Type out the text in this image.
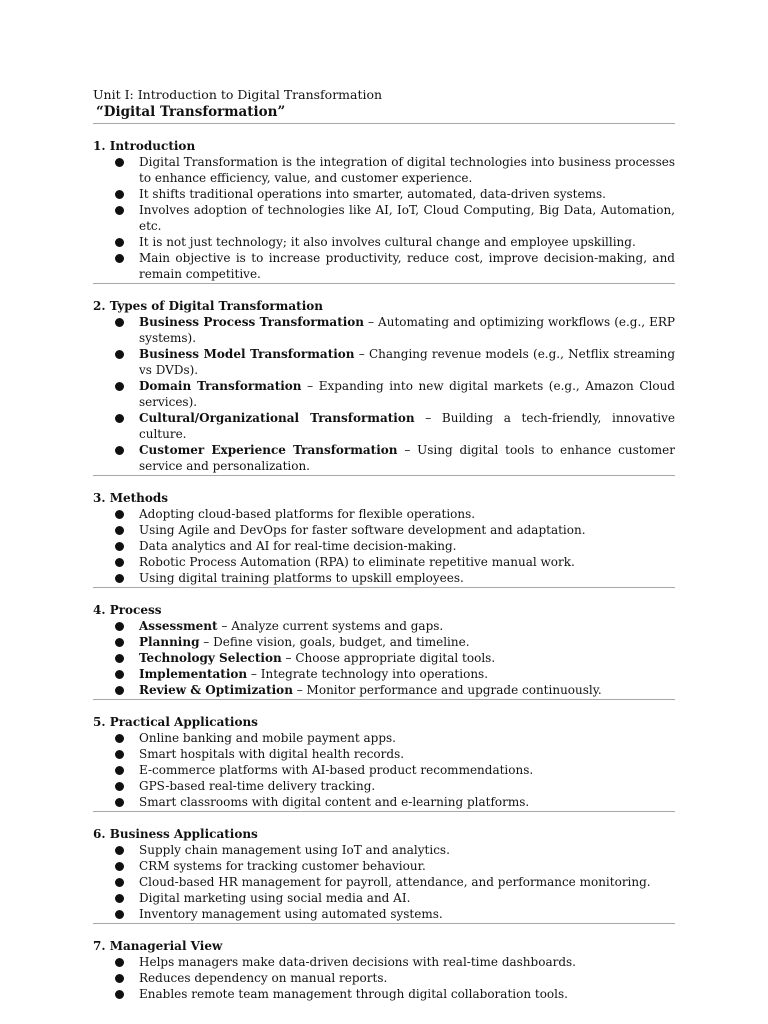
Unit I: Introduction to Digital Transformation
“Digital Transformation”
1. Introduction
Digital Transformation is the integration of digital technologies into business processes to enhance efficiency, value, and customer experience.
It shifts traditional operations into smarter, automated, data-driven systems.
Involves adoption of technologies like AI, IoT, Cloud Computing, Big Data, Automation, etc.
It is not just technology; it also involves cultural change and employee upskilling.
Main objective is to increase productivity, reduce cost, improve decision-making, and remain competitive.
2. Types of Digital Transformation
Business Process Transformation – Automating and optimizing workflows (e.g., ERP systems).
Business Model Transformation – Changing revenue models (e.g., Netflix streaming vs DVDs).
Domain Transformation – Expanding into new digital markets (e.g., Amazon Cloud services).
Cultural/Organizational Transformation – Building a tech-friendly, innovative culture.
Customer Experience Transformation – Using digital tools to enhance customer service and personalization.
3. Methods
Adopting cloud-based platforms for flexible operations.
Using Agile and DevOps for faster software development and adaptation.
Data analytics and AI for real-time decision-making.
Robotic Process Automation (RPA) to eliminate repetitive manual work.
Using digital training platforms to upskill employees.
4. Process
Assessment – Analyze current systems and gaps.
Planning – Define vision, goals, budget, and timeline.
Technology Selection – Choose appropriate digital tools.
Implementation – Integrate technology into operations.
Review & Optimization – Monitor performance and upgrade continuously.
5. Practical Applications
Online banking and mobile payment apps.
Smart hospitals with digital health records.
E-commerce platforms with AI-based product recommendations.
GPS-based real-time delivery tracking.
Smart classrooms with digital content and e-learning platforms.
6. Business Applications
Supply chain management using IoT and analytics.
CRM systems for tracking customer behaviour.
Cloud-based HR management for payroll, attendance, and performance monitoring.
Digital marketing using social media and AI.
Inventory management using automated systems.
7. Managerial View
Helps managers make data-driven decisions with real-time dashboards.
Reduces dependency on manual reports.
Enables remote team management through digital collaboration tools.
